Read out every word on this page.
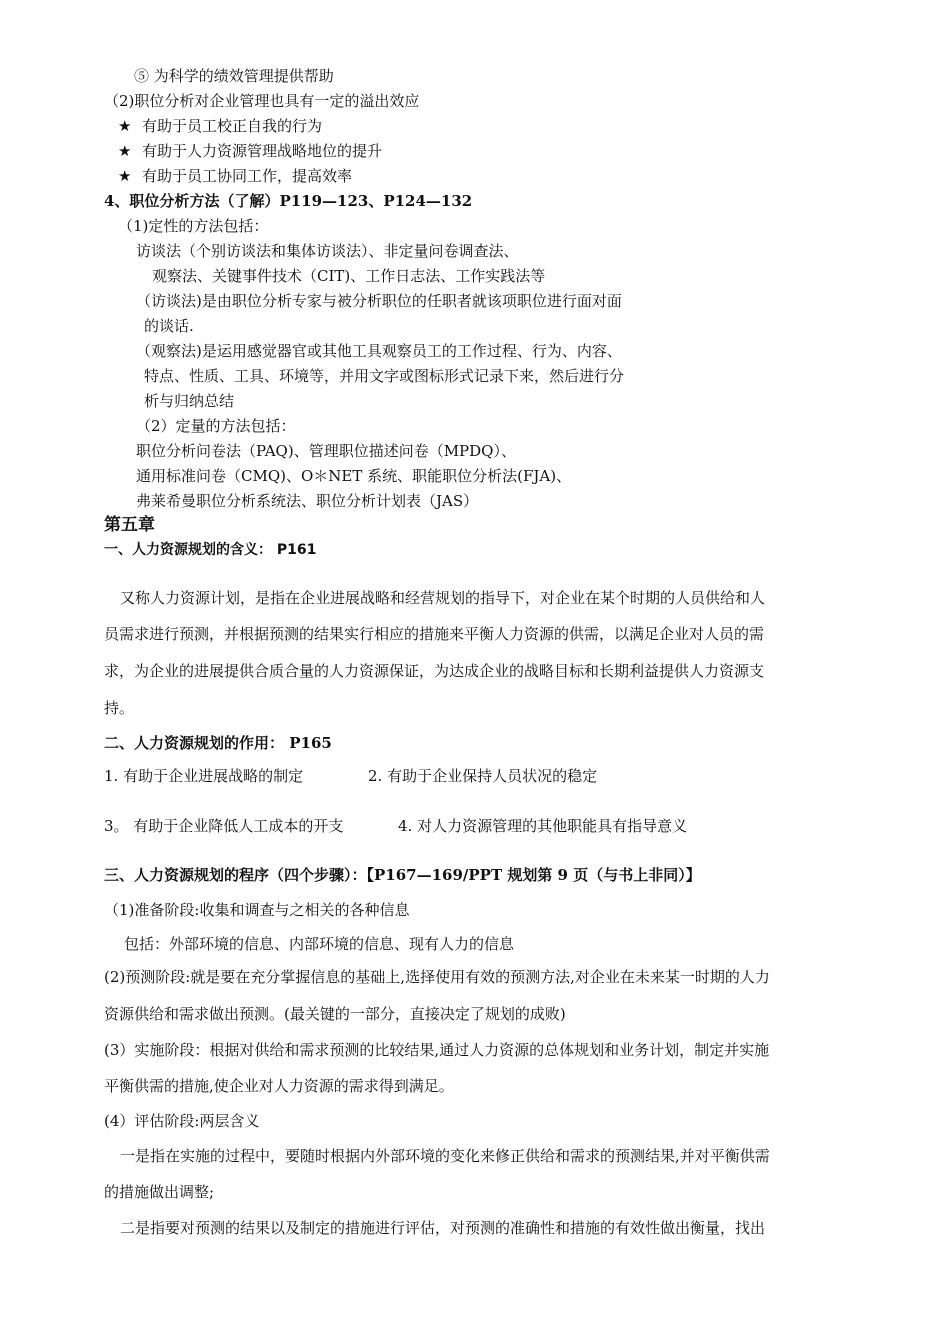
⑤ 为科学的绩效管理提供帮助
（2)职位分析对企业管理也具有一定的溢出效应
★ 有助于员工校正自我的行为
★ 有助于人力资源管理战略地位的提升
★ 有助于员工协同工作，提高效率
4、职位分析方法（了解）P119—123、P124—132
（1)定性的方法包括：
访谈法（个别访谈法和集体访谈法）、非定量问卷调查法、
观察法、关键事件技术（CIT)、工作日志法、工作实践法等
（访谈法)是由职位分析专家与被分析职位的任职者就该项职位进行面对面
的谈话.
（观察法)是运用感觉器官或其他工具观察员工的工作过程、行为、内容、
特点、性质、工具、环境等，并用文字或图标形式记录下来，然后进行分
析与归纳总结
（2）定量的方法包括：
职位分析问卷法（PAQ)、管理职位描述问卷（MPDQ）、
通用标准问卷（CMQ)、O＊NET 系统、职能职位分析法(FJA)、
弗莱希曼职位分析系统法、职位分析计划表（JAS）
第五章
一、人力资源规划的含义： P161
又称人力资源计划，是指在企业进展战略和经营规划的指导下，对企业在某个时期的人员供给和人
员需求进行预测，并根据预测的结果实行相应的措施来平衡人力资源的供需，以满足企业对人员的需
求，为企业的进展提供合质合量的人力资源保证，为达成企业的战略目标和长期利益提供人力资源支
持。
二、人力资源规划的作用： P165
1. 有助于企业进展战略的制定	2. 有助于企业保持人员状况的稳定
3。 有助于企业降低人工成本的开支	4. 对人力资源管理的其他职能具有指导意义
三、人力资源规划的程序（四个步骤）：【P167—169/PPT 规划第 9 页（与书上非同）】
（1)准备阶段:收集和调查与之相关的各种信息
包括：外部环境的信息、内部环境的信息、现有人力的信息
(2)预测阶段:就是要在充分掌握信息的基础上,选择使用有效的预测方法,对企业在未来某一时期的人力
资源供给和需求做出预测。(最关键的一部分，直接决定了规划的成败)
(3）实施阶段：根据对供给和需求预测的比较结果,通过人力资源的总体规划和业务计划，制定并实施
平衡供需的措施,使企业对人力资源的需求得到满足。
(4）评估阶段:两层含义
一是指在实施的过程中，要随时根据内外部环境的变化来修正供给和需求的预测结果,并对平衡供需
的措施做出调整;
二是指要对预测的结果以及制定的措施进行评估，对预测的准确性和措施的有效性做出衡量，找出
